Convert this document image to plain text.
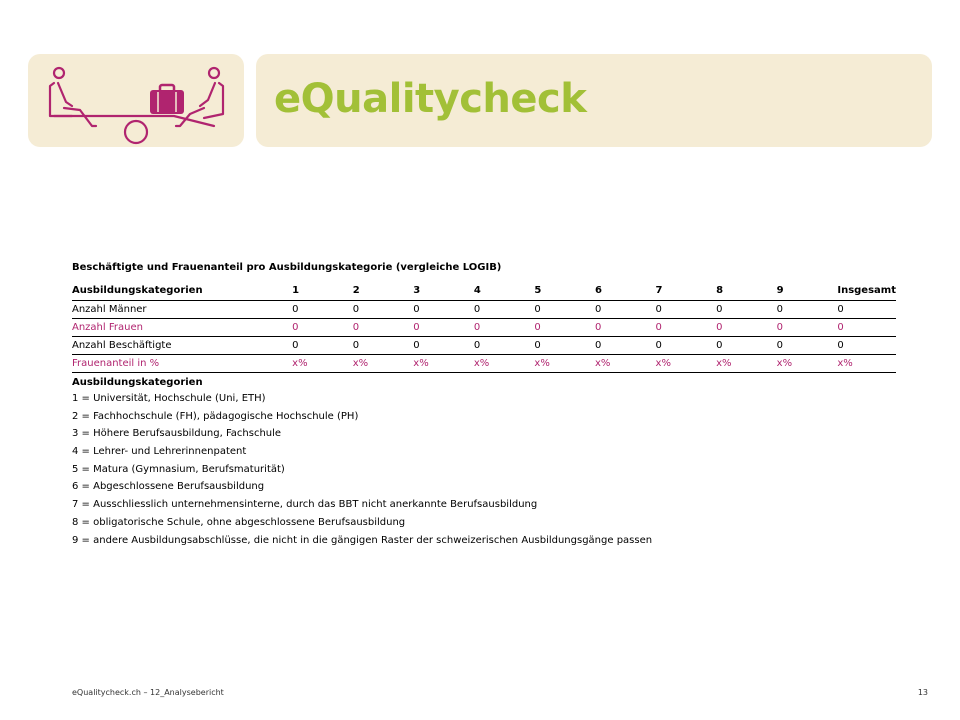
eQualitycheck
Beschäftigte und Frauenanteil pro Ausbildungskategorie (vergleiche LOGIB)
Ausbildungskategorien	1	2	3	4	5	6	7	8	9	Insgesamt
Anzahl Männer	0	0	0	0	0	0	0	0	0	0
Anzahl Frauen	0	0	0	0	0	0	0	0	0	0
Anzahl Beschäftigte	0	0	0	0	0	0	0	0	0	0
Frauenanteil in %	x%	x%	x%	x%	x%	x%	x%	x%	x%	x%
Ausbildungskategorien
1 = Universität, Hochschule (Uni, ETH)
2 = Fachhochschule (FH), pädagogische Hochschule (PH)
3 = Höhere Berufsausbildung, Fachschule
4 = Lehrer- und Lehrerinnenpatent
5 = Matura (Gymnasium, Berufsmaturität)
6 = Abgeschlossene Berufsausbildung
7 = Ausschliesslich unternehmensinterne, durch das BBT nicht anerkannte Berufsausbildung
8 = obligatorische Schule, ohne abgeschlossene Berufsausbildung
9 = andere Ausbildungsabschlüsse, die nicht in die gängigen Raster der schweizerischen Ausbildungsgänge passen
eQualitycheck.ch – 12_Analysebericht	13
